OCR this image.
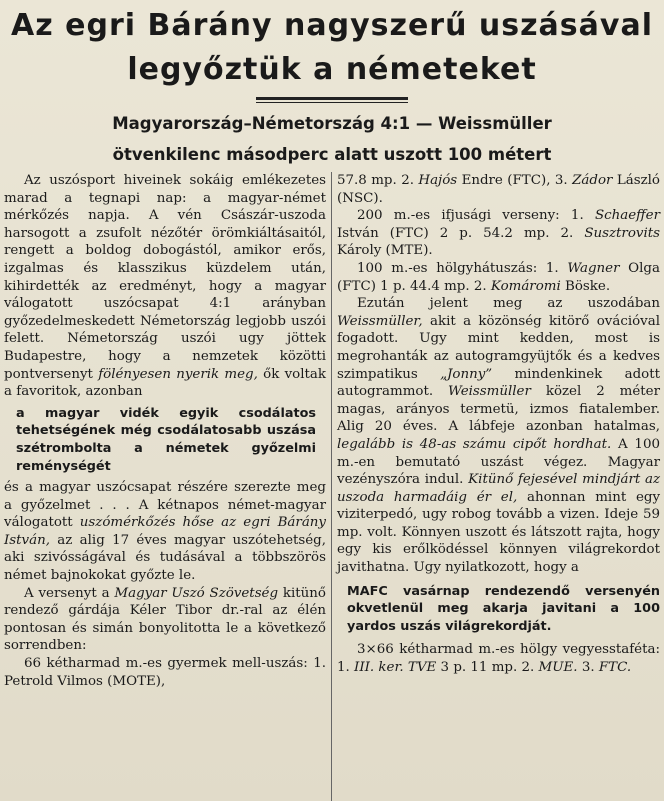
Az egri Bárány nagyszerű uszásával
legyőztük a németeket
Magyarország–Németország 4:1 — Weissmüller
ötvenkilenc másodperc alatt uszott 100 métert

Az uszósport hiveinek sokáig emlékezetes marad a tegnapi nap: a magyar-német mérkőzés napja. A vén Császár-uszoda harsogott a zsufolt nézőtér örömkiáltásaitól, rengett a boldog dobogástól, amikor erős, izgalmas és klasszikus küzdelem után, kihirdették az eredményt, hogy a magyar válogatott uszócsapat 4:1 arányban győzedelmeskedett Németország legjobb uszói felett. Németország uszói ugy jöttek Budapestre, hogy a nemzetek közötti pontversenyt fölényesen nyerik meg, ők voltak a favoritok, azonban

a magyar vidék egyik csodálatos tehetségének még csodálatosabb uszása szétrombolta a németek győzelmi reménységét

és a magyar uszócsapat részére szerezte meg a győzelmet . . . A kétnapos német-magyar válogatott uszómérkőzés hőse az egri Bárány István, az alig 17 éves magyar uszótehetség, aki szivósságával és tudásával a többszörös német bajnokokat győzte le.

A versenyt a Magyar Uszó Szövetség kitünő rendező gárdája Kéler Tibor dr.-ral az élén pontosan és simán bonyolitotta le a következő sorrendben:

66 kétharmad m.-es gyermek mell-uszás: 1. Petrold Vilmos (MOTE),

57.8 mp. 2. Hajós Endre (FTC), 3. Zádor László (NSC).

200 m.-es ifjusági verseny: 1. Schaeffer István (FTC) 2 p. 54.2 mp. 2. Susztrovits Károly (MTE).

100 m.-es hölgyhátuszás: 1. Wagner Olga (FTC) 1 p. 44.4 mp. 2. Komáromi Böske.

Ezután jelent meg az uszodában Weissmüller, akit a közönség kitörő ovációval fogadott. Ugy mint kedden, most is megrohanták az autogramgyüjtők és a kedves szimpatikus „Jonny” mindenkinek adott autogrammot. Weissmüller közel 2 méter magas, arányos termetü, izmos fiatalember. Alig 20 éves. A lábfeje azonban hatalmas, legalább is 48-as számu cipőt hordhat. A 100 m.-en bemutató uszást végez. Magyar vezényszóra indul. Kitünő fejesével mindjárt az uszoda harmadáig ér el, ahonnan mint egy viziterpedó, ugy robog tovább a vizen. Ideje 59 mp. volt. Könnyen uszott és látszott rajta, hogy egy kis erőlködéssel könnyen világrekordot javithatna. Ugy nyilatkozott, hogy a

MAFC vasárnap rendezendő versenyén okvetlenül meg akarja javitani a 100 yardos uszás világrekordját.

3×66 kétharmad m.-es hölgy vegyesstaféta: 1. III. ker. TVE 3 p. 11 mp. 2. MUE. 3. FTC.
